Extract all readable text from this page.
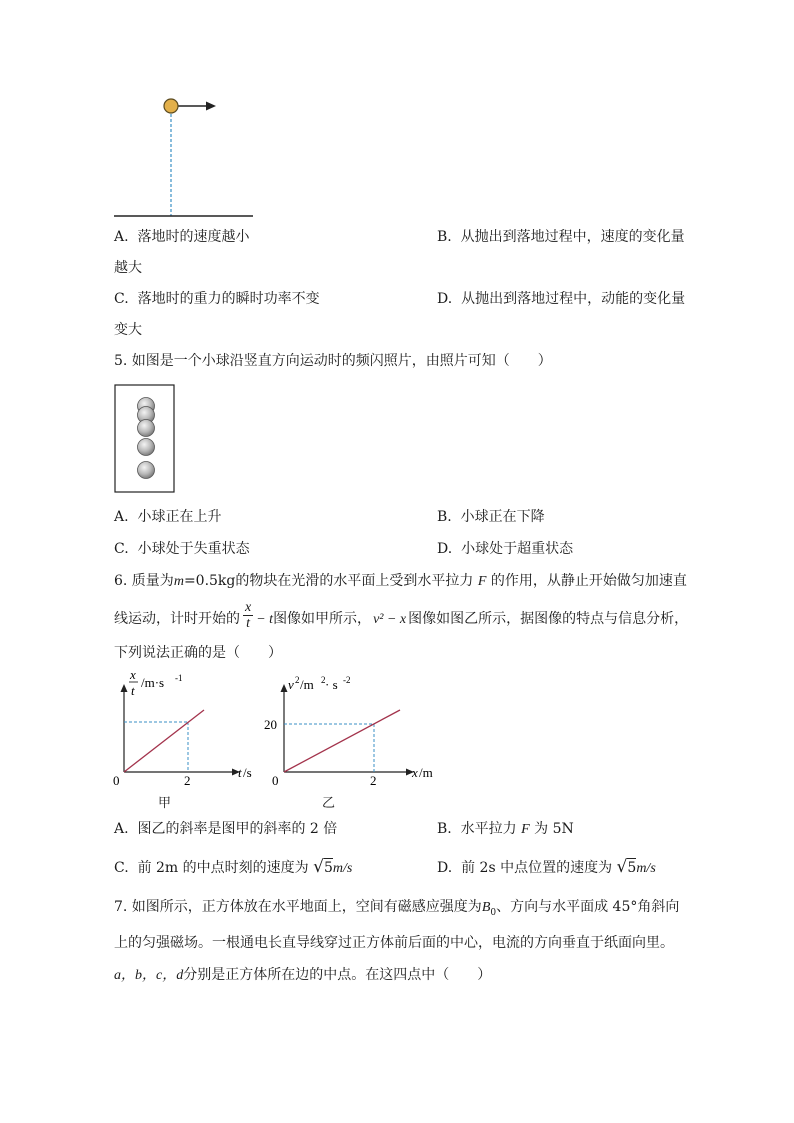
A. 落地时的速度越小	B. 从抛出到落地过程中，速度的变化量
越大
C. 落地时的重力的瞬时功率不变	D. 从抛出到落地过程中，动能的变化量
变大
5. 如图是一个小球沿竖直方向运动时的频闪照片，由照片可知（　　）
A. 小球正在上升	B. 小球正在下降
C. 小球处于失重状态	D. 小球处于超重状态
6. 质量为m=0.5kg的物块在光滑的水平面上受到水平拉力 F 的作用，从静止开始做匀加速直
线运动，计时开始的 $\frac{x}{t} - t$图像如甲所示， v² − x 图像如图乙所示，据图像的特点与信息分析，
下列说法正确的是（　　）
x
t
/m·s -1
0	2
t /s
甲
v 2 /m 2 · s -2
20
0	2
x /m
乙
A. 图乙的斜率是图甲的斜率的 2 倍	B. 水平拉力 F 为 5N
C. 前 2m 的中点时刻的速度为 √5m/s	D. 前 2s 中点位置的速度为 √5m/s
7. 如图所示，正方体放在水平地面上，空间有磁感应强度为$B_0$、方向与水平面成 45°角斜向
上的匀强磁场。一根通电长直导线穿过正方体前后面的中心，电流的方向垂直于纸面向里。
a，b，c，d分别是正方体所在边的中点。在这四点中（　　）
